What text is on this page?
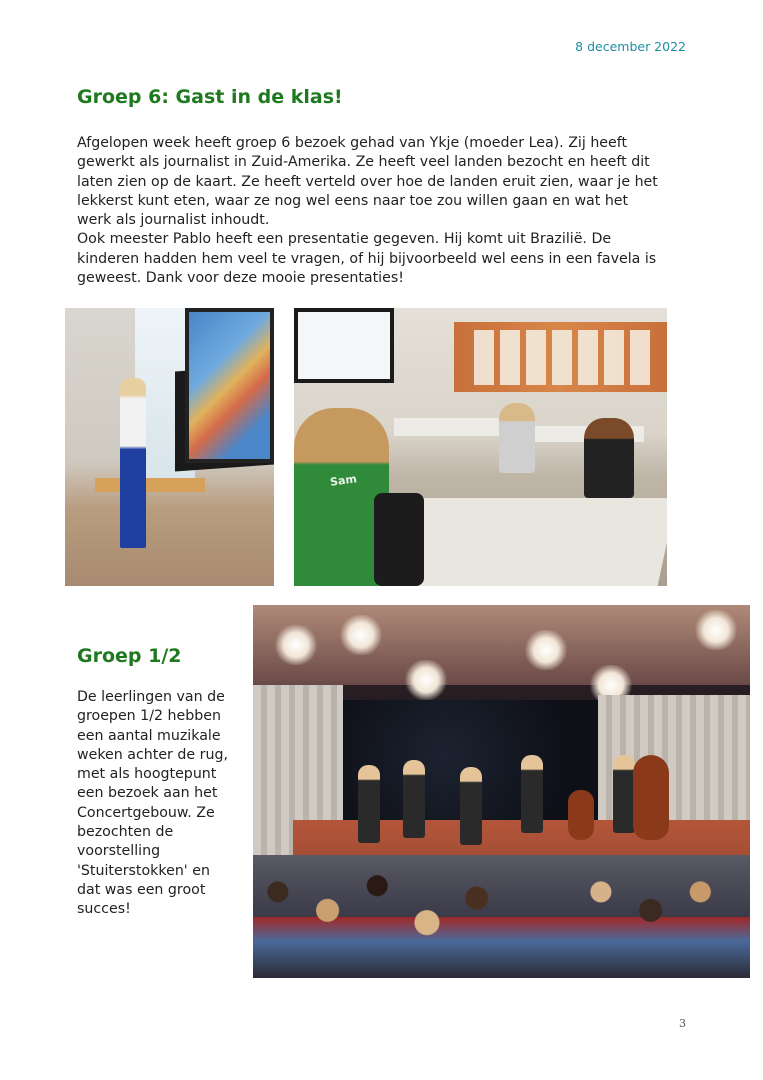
8 december 2022
Groep 6: Gast in de klas!

Afgelopen week heeft groep 6 bezoek gehad van Ykje (moeder Lea). Zij heeft

gewerkt als journalist in Zuid-Amerika. Ze heeft veel landen bezocht en heeft dit

laten zien op de kaart. Ze heeft verteld over hoe de landen eruit zien, waar je het

lekkerst kunt eten, waar ze nog wel eens naar toe zou willen gaan en wat het

werk als journalist inhoudt.

Ook meester Pablo heeft een presentatie gegeven. Hij komt uit Brazilië. De

kinderen hadden hem veel te vragen, of hij bijvoorbeeld wel eens in een favela is

geweest. Dank voor deze mooie presentaties!

Sam
Groep 1/2

De leerlingen van de

groepen 1/2 hebben

een aantal muzikale

weken achter de rug,

met als hoogtepunt

een bezoek aan het

Concertgebouw. Ze

bezochten de

voorstelling

'Stuiterstokken' en

dat was een groot

succes!

3
